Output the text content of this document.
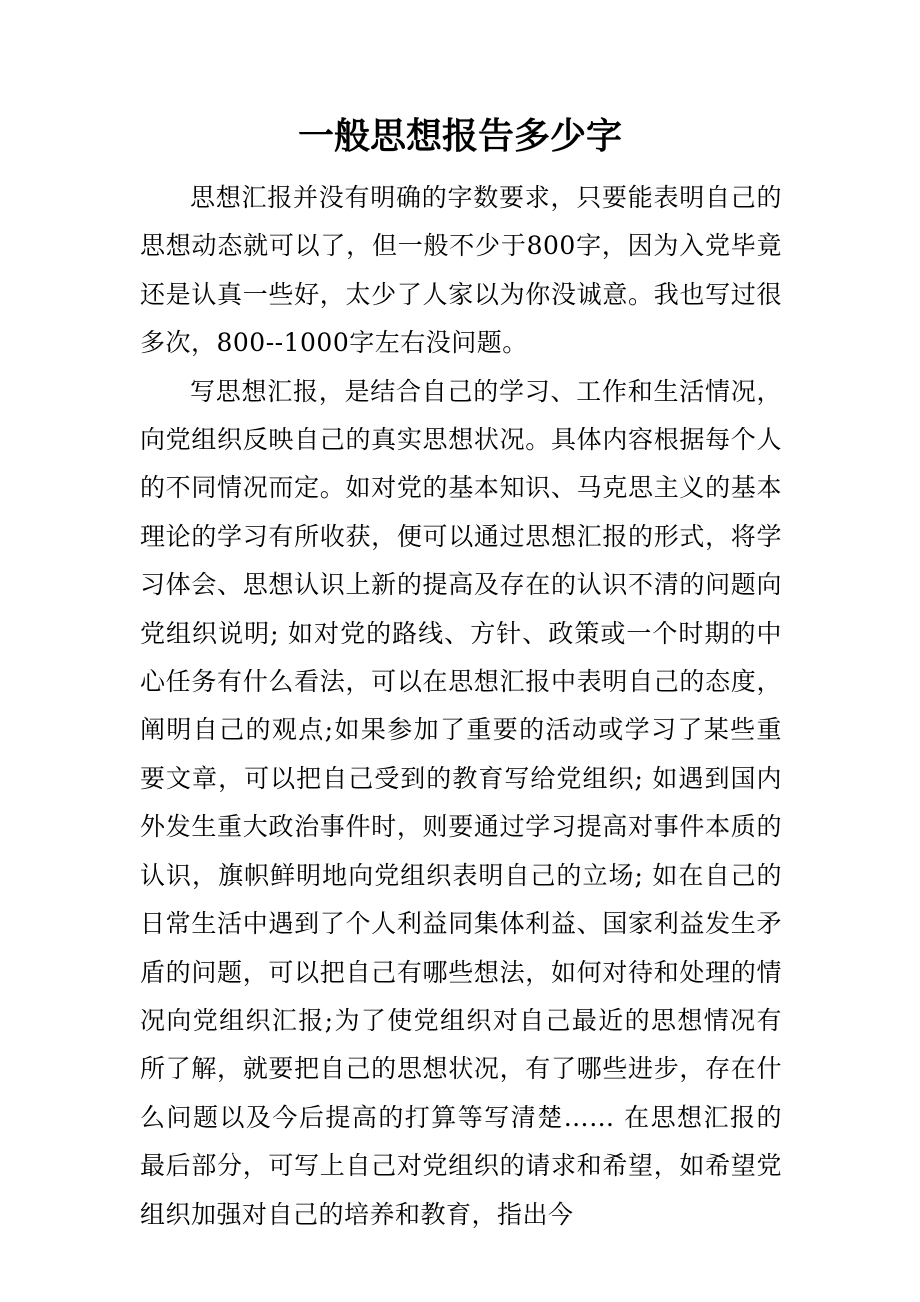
一般思想报告多少字

思想汇报并没有明确的字数要求，只要能表明自己的思想动态就可以了，但一般不少于800字，因为入党毕竟还是认真一些好，太少了人家以为你没诚意。我也写过很多次，800--1000字左右没问题。

写思想汇报，是结合自己的学习、工作和生活情况，向党组织反映自己的真实思想状况。具体内容根据每个人的不同情况而定。如对党的基本知识、马克思主义的基本理论的学习有所收获，便可以通过思想汇报的形式，将学习体会、思想认识上新的提高及存在的认识不清的问题向党组织说明; 如对党的路线、方针、政策或一个时期的中心任务有什么看法，可以在思想汇报中表明自己的态度，阐明自己的观点;如果参加了重要的活动或学习了某些重要文章，可以把自己受到的教育写给党组织; 如遇到国内外发生重大政治事件时，则要通过学习提高对事件本质的认识，旗帜鲜明地向党组织表明自己的立场; 如在自己的日常生活中遇到了个人利益同集体利益、国家利益发生矛盾的问题，可以把自己有哪些想法，如何对待和处理的情况向党组织汇报;为了使党组织对自己最近的思想情况有所了解，就要把自己的思想状况，有了哪些进步，存在什么问题以及今后提高的打算等写清楚…… 在思想汇报的最后部分，可写上自己对党组织的请求和希望，如希望党组织加强对自己的培养和教育，指出今
